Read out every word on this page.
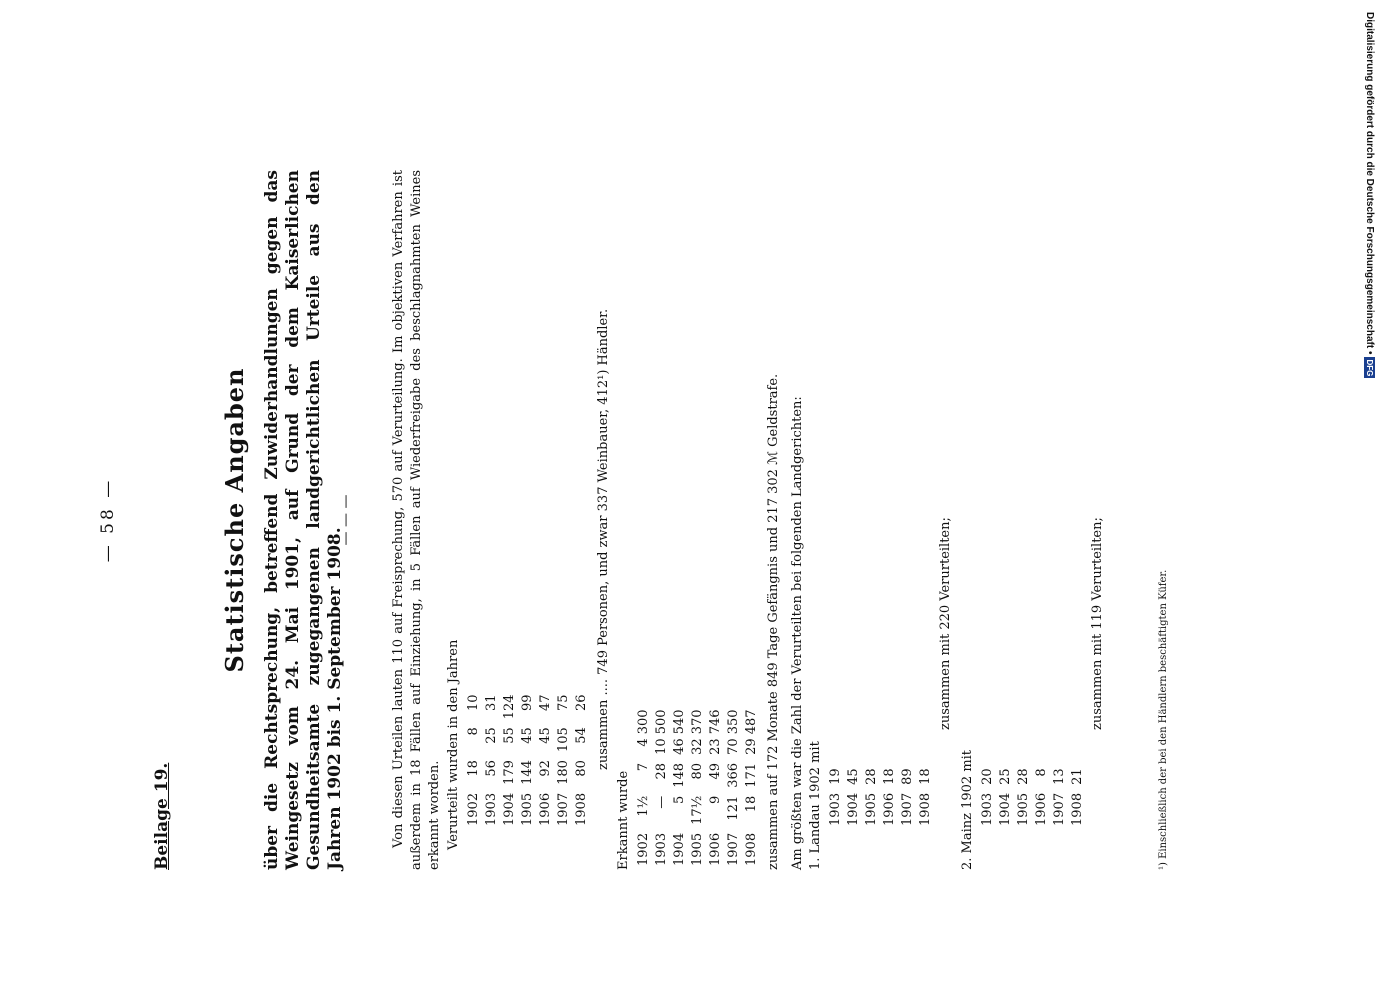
— 58 —
Beilage 19.
Statistische Angaben über die Rechtsprechung, betreffend Zuwiderhandlungen gegen das Weingesetz vom 24. Mai 1901, auf Grund der dem Kaiserlichen Gesundheitsamte zugegangenen landgerichtlichen Urteile aus den Jahren 1902 bis 1. September 1908.
— — —	Von diesen Urteilen lauten 110 auf Freisprechung, 570 auf Verurteilung. Im objektiven Verfahren ist außerdem in 18 Fällen auf Einziehung, in 5 Fällen auf Wiederfreigabe des beschlagnahmten Weines erkannt worden. Verurteilt wurden in den Jahren 1902	18	8	10
1903	56	25	31
1904	179	55	124
1905	144	45	99
1906	92	45	47
1907	180	105	75
1908	80	54	26 zusammen .... 749 Personen, und zwar 337 Weinbauer, 412¹) Händler.
Erkannt wurde 1902	1½	7	4 300
1903	—	28	10 500
1904	5	148	46 540
1905	17½	80	32 370
1906	9	49	23 746
1907	121	366	70 350
1908	18	171	29 487 zusammen auf 172 Monate 849 Tage Gefängnis und 217 302 ℳ Geldstrafe. Am größten war die Zahl der Verurteilten bei folgenden Landgerichten: 1. Landau 1902 mit 1903	19
1904	45
1905	28
1906	18
1907	89
1908	18
zusammen mit 220 Verurteilten;
2. Mainz 1902 mit 1903	20
1904	25
1905	28
1906	8
1907	13
1908	21
zusammen mit 119 Verurteilten;	¹) Einschließlich der bei den Händlern beschäftigten Küfer.
Digitalisierung gefördert durch die Deutsche Forschungsgemeinschaft •
DFG
